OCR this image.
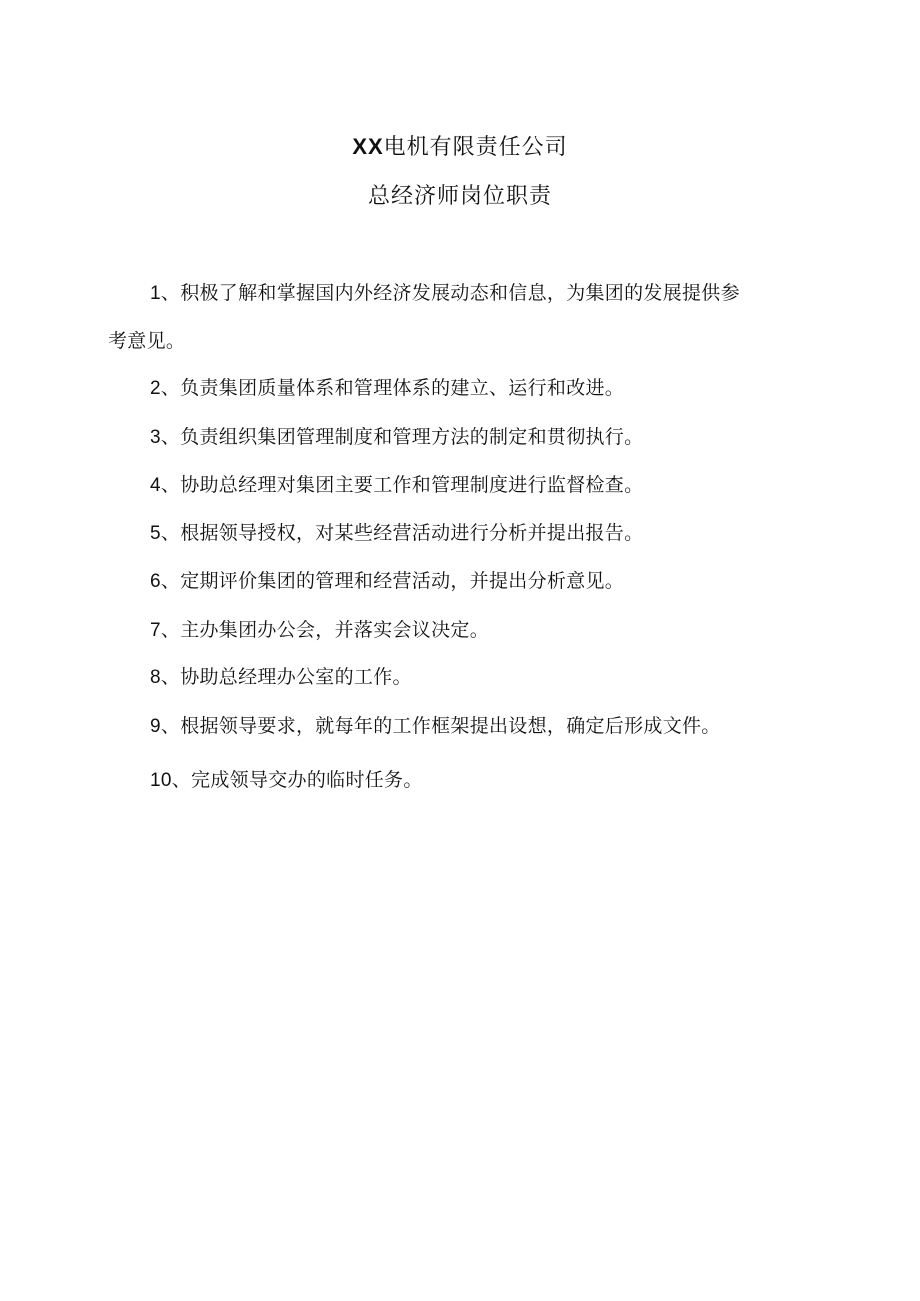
XX电机有限责任公司
总经济师岗位职责
1、积极了解和掌握国内外经济发展动态和信息，为集团的发展提供参
考意见。
2、负责集团质量体系和管理体系的建立、运行和改进。
3、负责组织集团管理制度和管理方法的制定和贯彻执行。
4、协助总经理对集团主要工作和管理制度进行监督检查。
5、根据领导授权，对某些经营活动进行分析并提出报告。
6、定期评价集团的管理和经营活动，并提出分析意见。
7、主办集团办公会，并落实会议决定。
8、协助总经理办公室的工作。
9、根据领导要求，就每年的工作框架提出设想，确定后形成文件。
10、完成领导交办的临时任务。
